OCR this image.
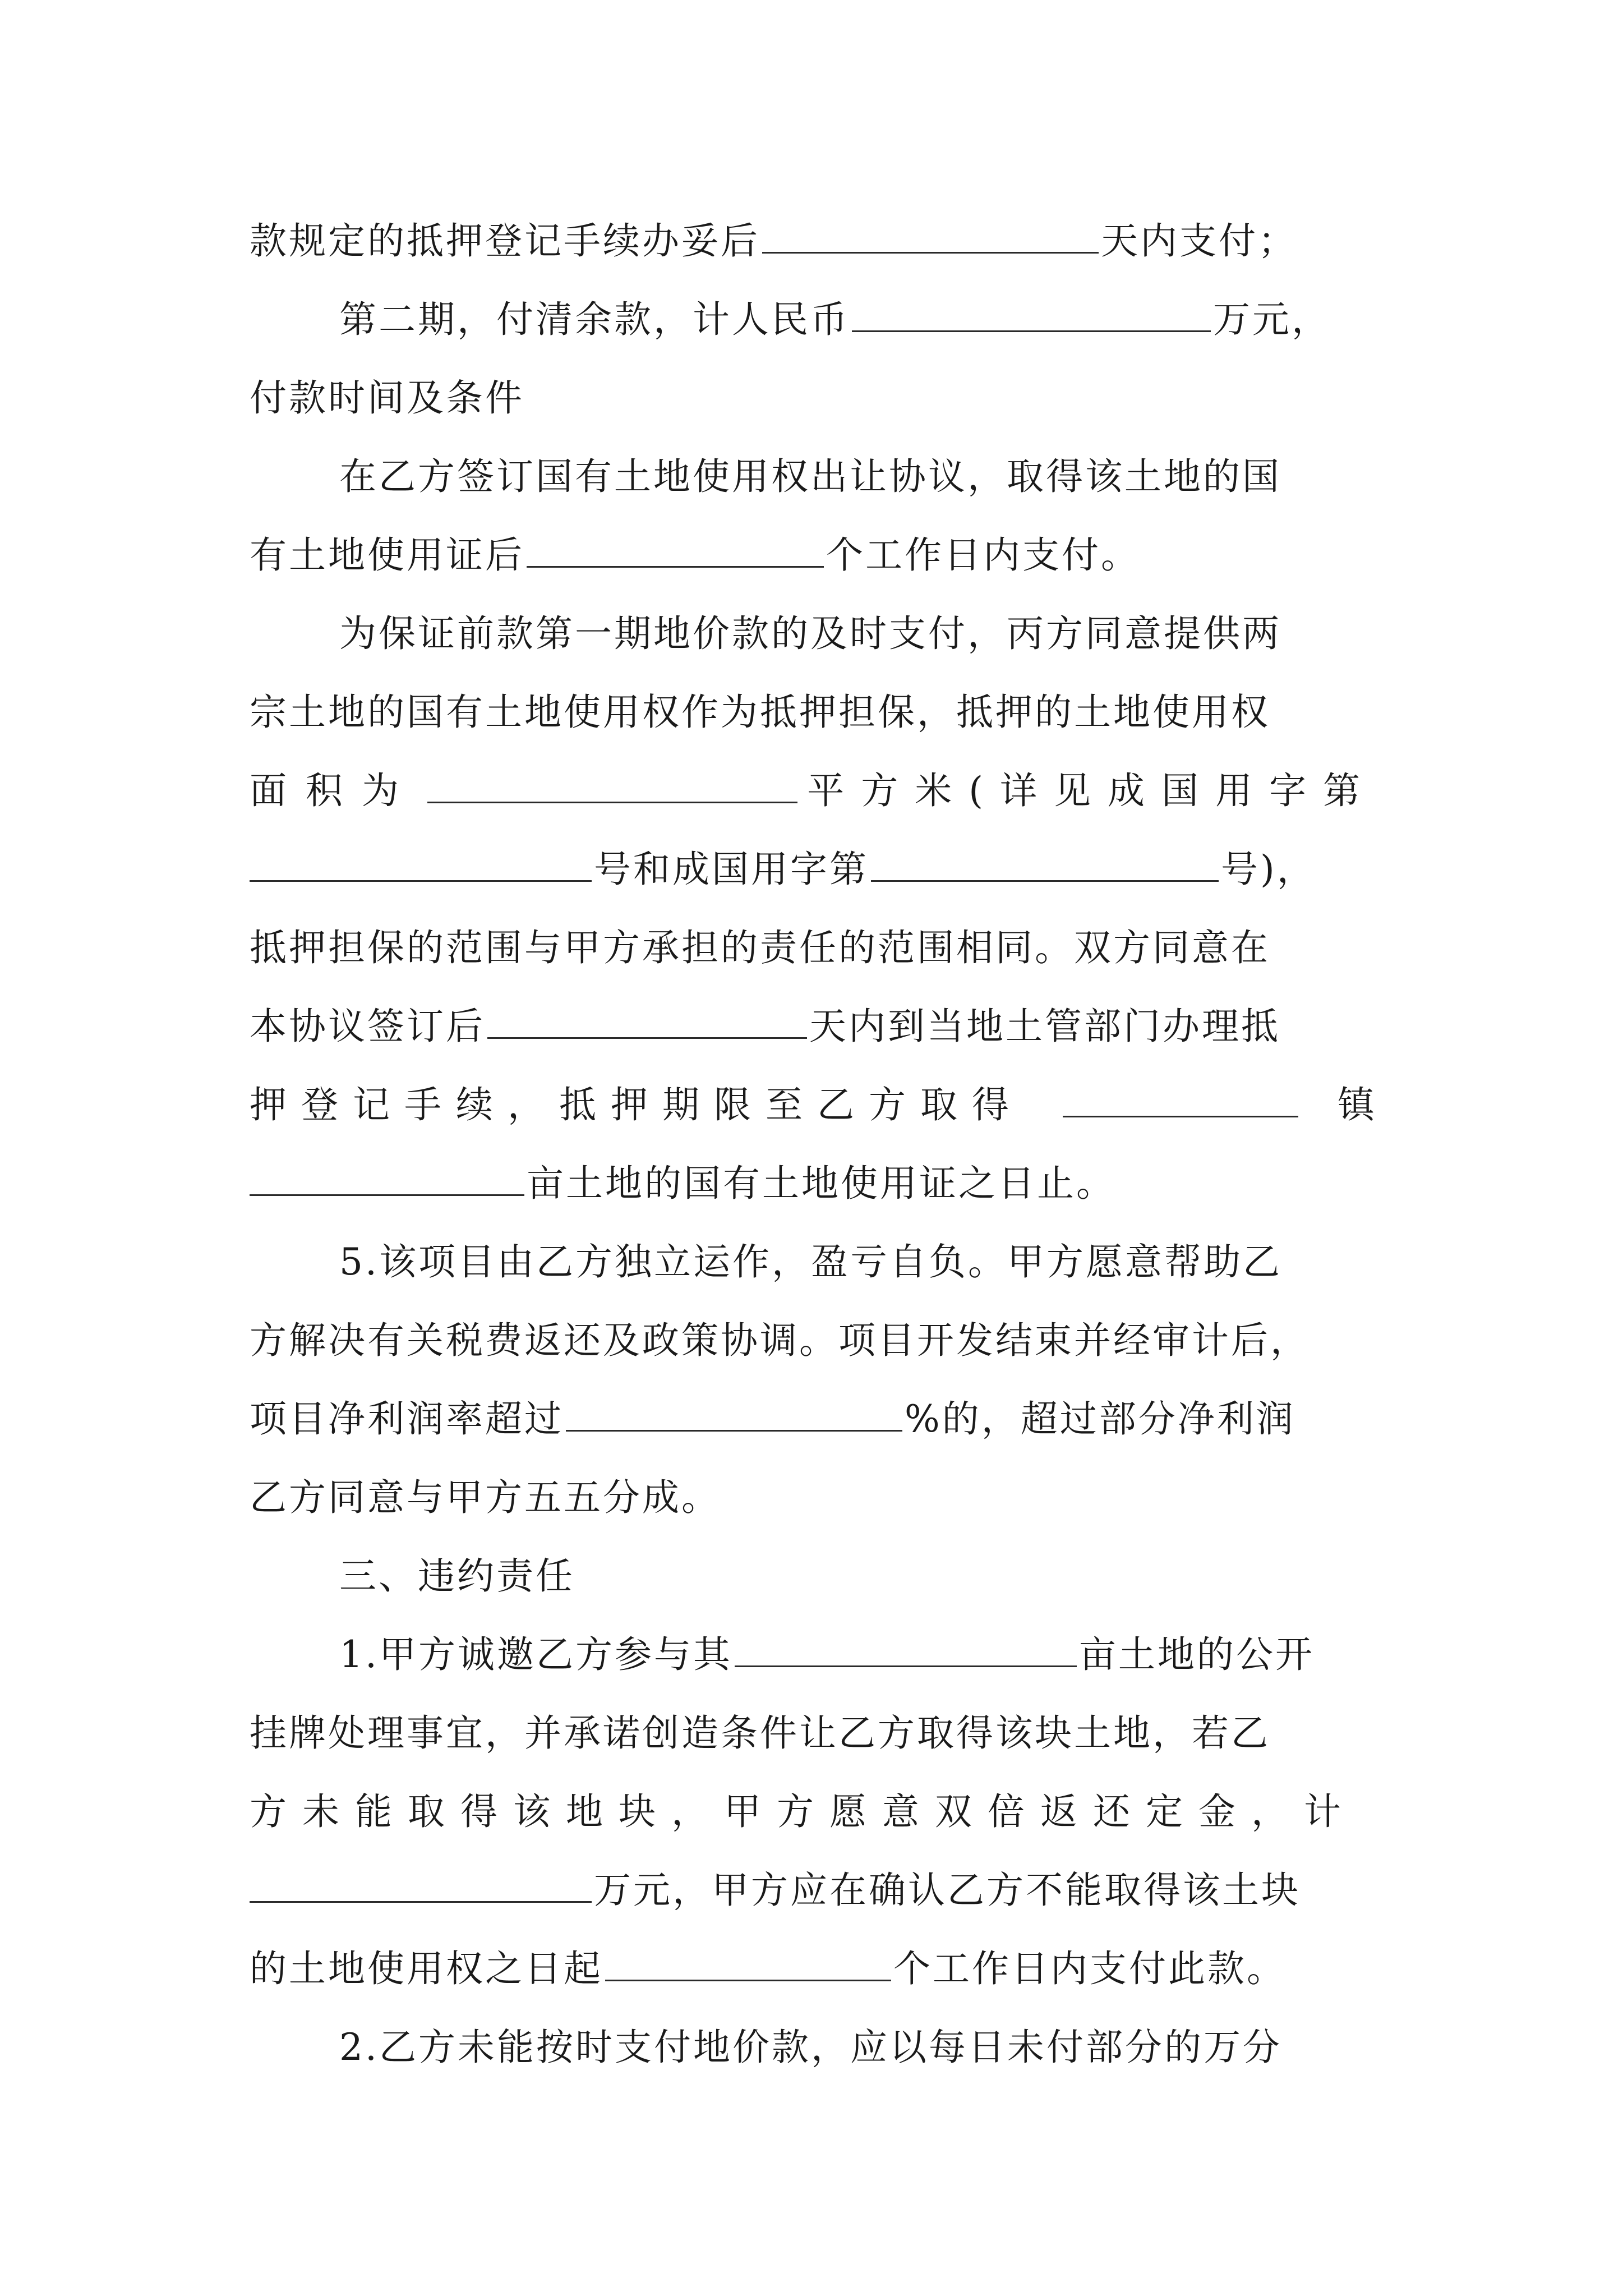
款规定的抵押登记手续办妥后	天内支付；
第二期，付清余款，计人民币	万元，
付款时间及条件
在乙方签订国有土地使用权出让协议，取得该土地的国
有土地使用证后	个工作日内支付。
为保证前款第一期地价款的及时支付，丙方同意提供两
宗土地的国有土地使用权作为抵押担保，抵押的土地使用权
面积为	平方米(详见成国用字第
号和成国用字第	号)，
抵押担保的范围与甲方承担的责任的范围相同。双方同意在
本协议签订后	天内到当地土管部门办理抵
押登记手续，抵押期限至乙方取得	镇
亩土地的国有土地使用证之日止。
5.该项目由乙方独立运作，盈亏自负。甲方愿意帮助乙
方解决有关税费返还及政策协调。项目开发结束并经审计后，
项目净利润率超过	%的，超过部分净利润
乙方同意与甲方五五分成。
三、违约责任
1.甲方诚邀乙方参与其	亩土地的公开
挂牌处理事宜，并承诺创造条件让乙方取得该块土地，若乙
方未能取得该地块，甲方愿意双倍返还定金，计
万元，甲方应在确认乙方不能取得该土块
的土地使用权之日起	个工作日内支付此款。
2.乙方未能按时支付地价款，应以每日未付部分的万分
